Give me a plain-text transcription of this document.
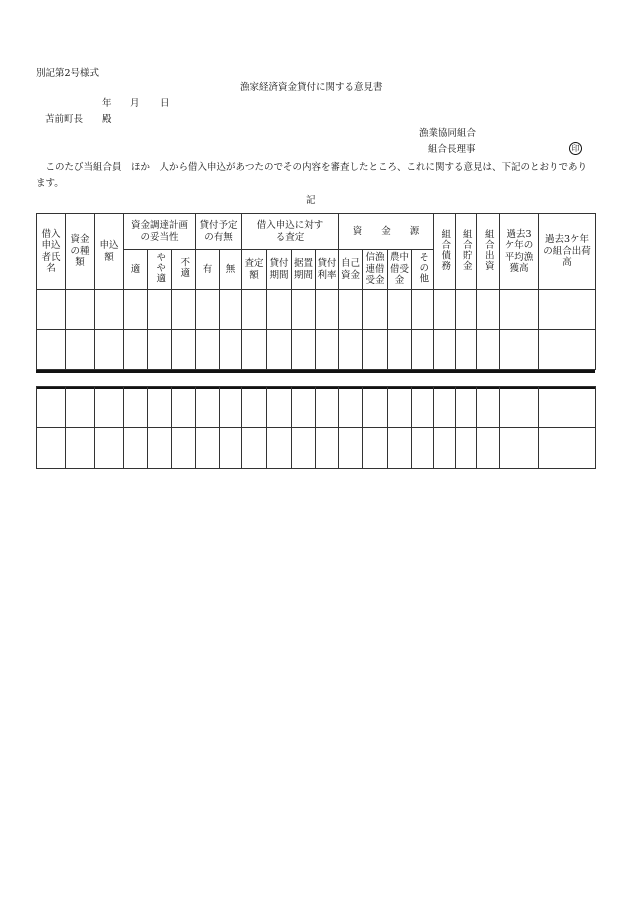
別記第2号様式
漁家経済資金貸付に関する意見書
年 月 日
苫前町長 殿
漁業協同組合
組合長理事	印
　このたび当組合員　ほか　人から借入申込があつたのでその内容を審査したところ、これに関する意見は、下記のとおりであります。
記
借入申込者氏名	資金の種類	申込額	資金調達計画の妥当性			貸付予定の有無		借入申込に対する査定				資　　金　　源				組合債務	組合貯金	組合出資	過去3ケ年の平均漁獲高	過去3ケ年の組合出荷高
			適	やや適	不適	有	無	査定額	貸付期間	据置期間	貸付利率	自己資金	信漁連借受金	農中借受金	その他					
